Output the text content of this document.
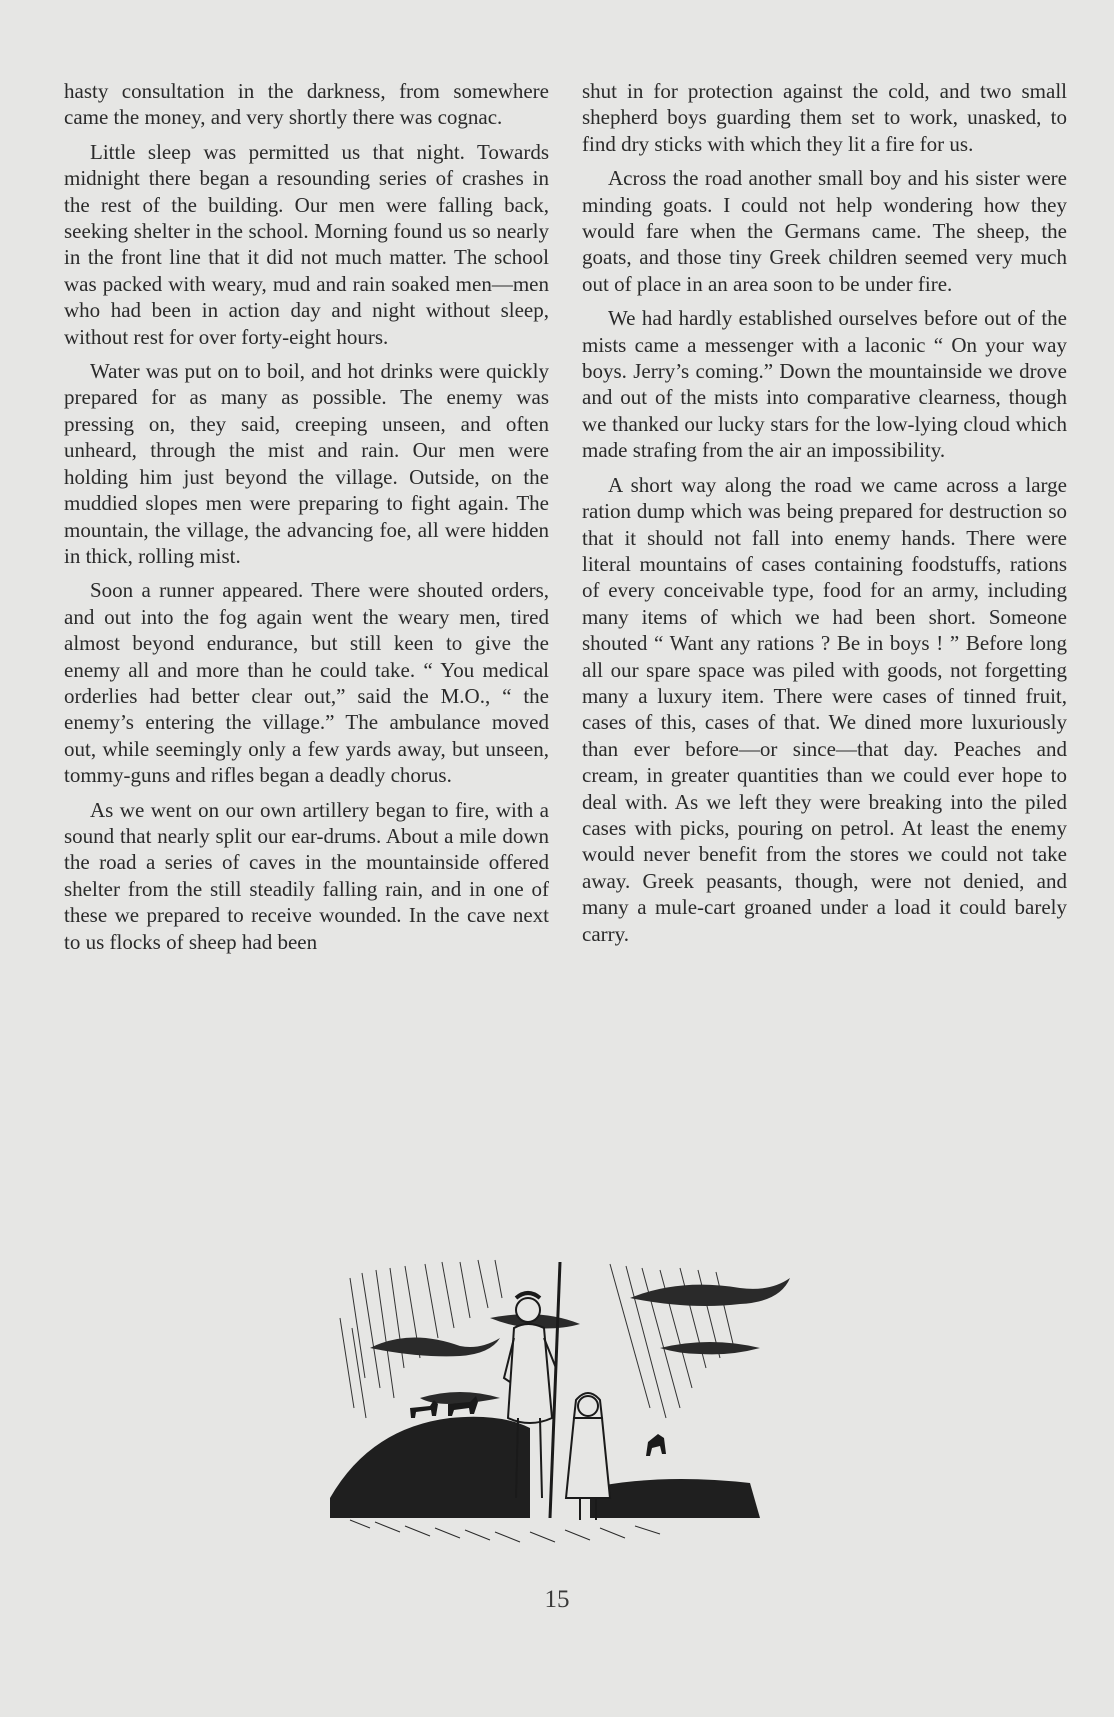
hasty consultation in the darkness, from somewhere came the money, and very shortly there was cognac.

Little sleep was permitted us that night. Towards midnight there began a resounding series of crashes in the rest of the building. Our men were falling back, seeking shelter in the school. Morning found us so nearly in the front line that it did not much matter. The school was packed with weary, mud and rain soaked men—men who had been in action day and night without sleep, without rest for over forty-eight hours.

Water was put on to boil, and hot drinks were quickly prepared for as many as possible. The enemy was pressing on, they said, creeping unseen, and often unheard, through the mist and rain. Our men were holding him just beyond the village. Outside, on the muddied slopes men were preparing to fight again. The mountain, the village, the advancing foe, all were hidden in thick, rolling mist.

Soon a runner appeared. There were shouted orders, and out into the fog again went the weary men, tired almost beyond endurance, but still keen to give the enemy all and more than he could take. “ You medical orderlies had better clear out,” said the M.O., “ the enemy’s entering the village.” The ambulance moved out, while seemingly only a few yards away, but unseen, tommy-guns and rifles began a deadly chorus.

As we went on our own artillery began to fire, with a sound that nearly split our ear-drums. About a mile down the road a series of caves in the mountainside offered shelter from the still steadily falling rain, and in one of these we prepared to receive wounded. In the cave next to us flocks of sheep had been

shut in for protection against the cold, and two small shepherd boys guarding them set to work, unasked, to find dry sticks with which they lit a fire for us.

Across the road another small boy and his sister were minding goats. I could not help wondering how they would fare when the Germans came. The sheep, the goats, and those tiny Greek children seemed very much out of place in an area soon to be under fire.

We had hardly established ourselves before out of the mists came a messenger with a laconic “ On your way boys. Jerry’s coming.” Down the mountainside we drove and out of the mists into comparative clearness, though we thanked our lucky stars for the low-lying cloud which made strafing from the air an impossibility.

A short way along the road we came across a large ration dump which was being prepared for destruction so that it should not fall into enemy hands. There were literal mountains of cases containing foodstuffs, rations of every conceivable type, food for an army, including many items of which we had been short. Someone shouted “ Want any rations ? Be in boys ! ” Before long all our spare space was piled with goods, not forgetting many a luxury item. There were cases of tinned fruit, cases of this, cases of that. We dined more luxuriously than ever before—or since—that day. Peaches and cream, in greater quantities than we could ever hope to deal with. As we left they were breaking into the piled cases with picks, pouring on petrol. At least the enemy would never benefit from the stores we could not take away. Greek peasants, though, were not denied, and many a mule-cart groaned under a load it could barely carry.

15
